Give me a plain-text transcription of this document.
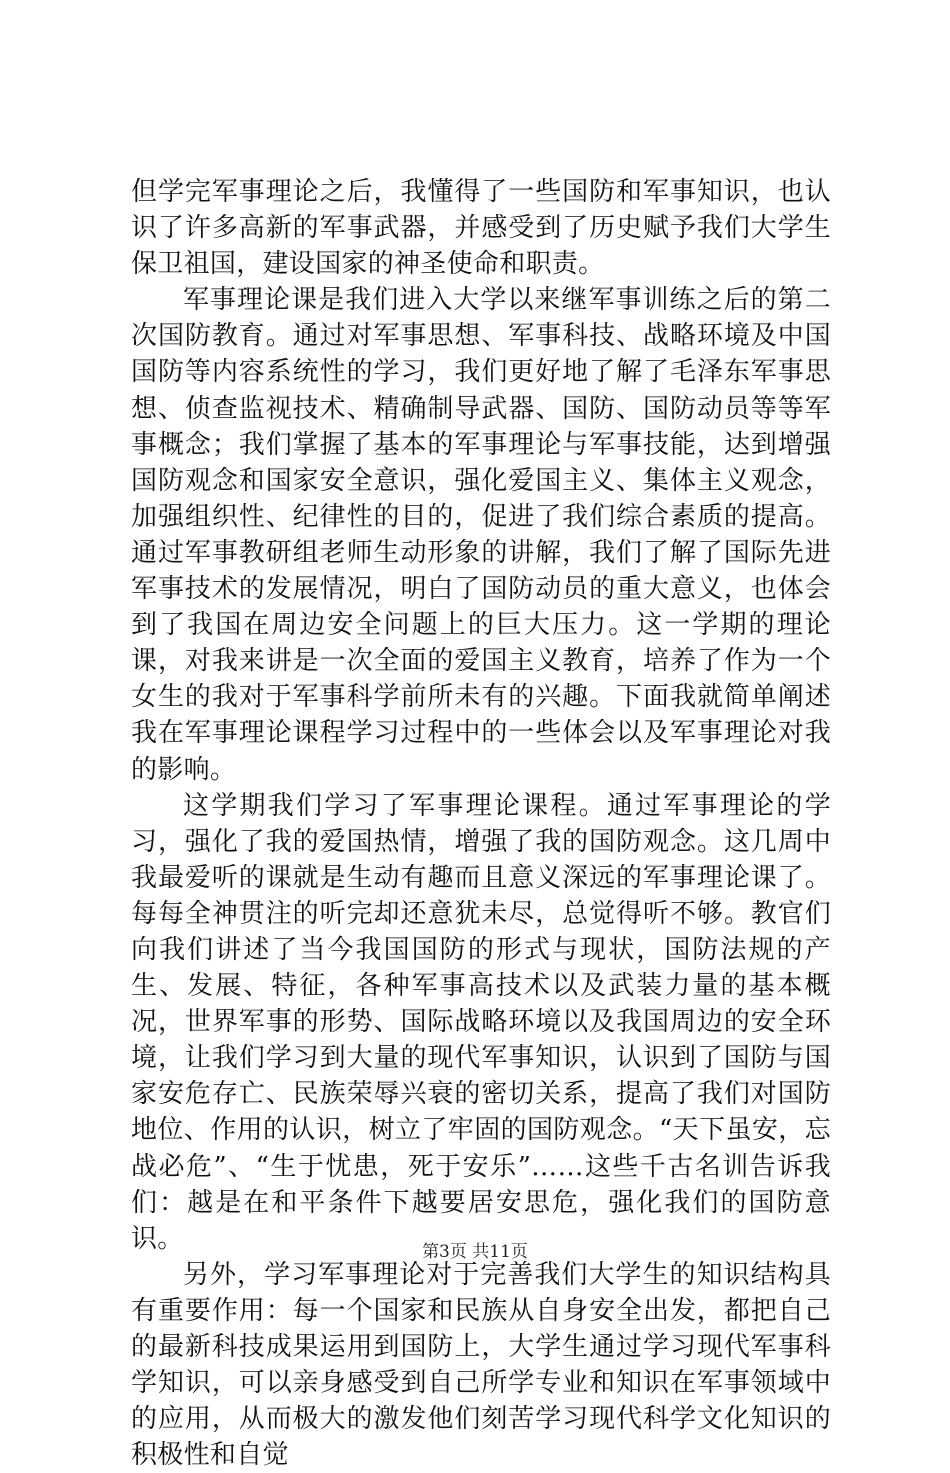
但学完军事理论之后，我懂得了一些国防和军事知识，也认识了许多高新的军事武器，并感受到了历史赋予我们大学生保卫祖国，建设国家的神圣使命和职责。

军事理论课是我们进入大学以来继军事训练之后的第二次国防教育。通过对军事思想、军事科技、战略环境及中国国防等内容系统性的学习，我们更好地了解了毛泽东军事思想、侦查监视技术、精确制导武器、国防、国防动员等等军事概念；我们掌握了基本的军事理论与军事技能，达到增强国防观念和国家安全意识，强化爱国主义、集体主义观念，加强组织性、纪律性的目的，促进了我们综合素质的提高。通过军事教研组老师生动形象的讲解，我们了解了国际先进军事技术的发展情况，明白了国防动员的重大意义，也体会到了我国在周边安全问题上的巨大压力。这一学期的理论课，对我来讲是一次全面的爱国主义教育，培养了作为一个女生的我对于军事科学前所未有的兴趣。下面我就简单阐述我在军事理论课程学习过程中的一些体会以及军事理论对我的影响。

这学期我们学习了军事理论课程。通过军事理论的学习，强化了我的爱国热情，增强了我的国防观念。这几周中我最爱听的课就是生动有趣而且意义深远的军事理论课了。每每全神贯注的听完却还意犹未尽，总觉得听不够。教官们向我们讲述了当今我国国防的形式与现状，国防法规的产生、发展、特征，各种军事高技术以及武装力量的基本概况，世界军事的形势、国际战略环境以及我国周边的安全环境，让我们学习到大量的现代军事知识，认识到了国防与国家安危存亡、民族荣辱兴衰的密切关系，提高了我们对国防地位、作用的认识，树立了牢固的国防观念。“天下虽安，忘战必危”、“生于忧患，死于安乐”……这些千古名训告诉我们：越是在和平条件下越要居安思危，强化我们的国防意识。

另外，学习军事理论对于完善我们大学生的知识结构具有重要作用：每一个国家和民族从自身安全出发，都把自己的最新科技成果运用到国防上，大学生通过学习现代军事科学知识，可以亲身感受到自己所学专业和知识在军事领域中的应用，从而极大的激发他们刻苦学习现代科学文化知识的积极性和自觉

第3页 共11页
